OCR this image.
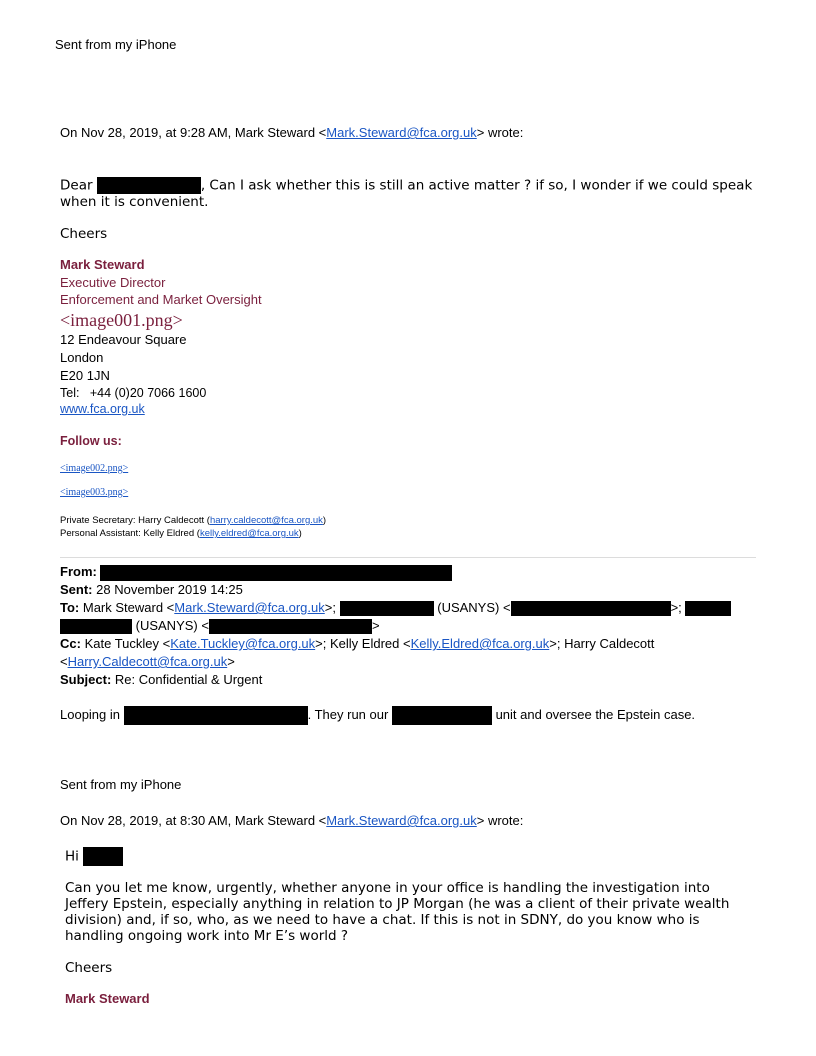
Sent from my iPhone
On Nov 28, 2019, at 9:28 AM, Mark Steward <Mark.Steward@fca.org.uk> wrote:
Dear	, Can I ask whether this is still an active matter ? if so, I wonder if we could speak
when it is convenient.
Cheers
Mark Steward
Executive Director
Enforcement and Market Oversight
<image001.png>
12 Endeavour Square
London
E20 1JN
Tel: +44 (0)20 7066 1600
www.fca.org.uk
Follow us:
<image002.png>
<image003.png>
Private Secretary: Harry Caldecott (harry.caldecott@fca.org.uk)
Personal Assistant: Kelly Eldred (kelly.eldred@fca.org.uk)
From:
Sent: 28 November 2019 14:25
To: Mark Steward <Mark.Steward@fca.org.uk>;	(USANYS) <	>;
(USANYS) <	>
Cc: Kate Tuckley <Kate.Tuckley@fca.org.uk>; Kelly Eldred <Kelly.Eldred@fca.org.uk>; Harry Caldecott
<Harry.Caldecott@fca.org.uk>
Subject: Re: Confidential & Urgent
Looping in	. They run our	unit and oversee the Epstein case.
Sent from my iPhone
On Nov 28, 2019, at 8:30 AM, Mark Steward <Mark.Steward@fca.org.uk> wrote:
Hi
Can you let me know, urgently, whether anyone in your office is handling the investigation into
Jeffery Epstein, especially anything in relation to JP Morgan (he was a client of their private wealth
division) and, if so, who, as we need to have a chat. If this is not in SDNY, do you know who is
handling ongoing work into Mr E’s world ?
Cheers
Mark Steward
